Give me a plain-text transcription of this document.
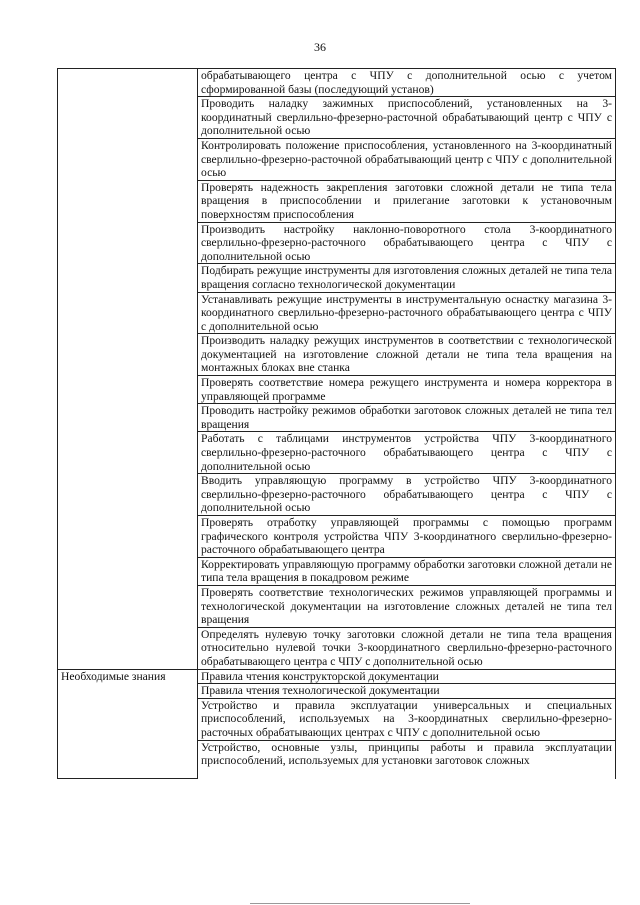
36
	обрабатывающего центра с ЧПУ с дополнительной осью с учетом сформированной базы (последующий установ)
	Проводить наладку зажимных приспособлений, установленных на 3-координатный сверлильно-фрезерно-расточной обрабатывающий центр с ЧПУ с дополнительной осью
	Контролировать положение приспособления, установленного на 3-координатный сверлильно-фрезерно-расточной обрабатывающий центр с ЧПУ с дополнительной осью
	Проверять надежность закрепления заготовки сложной детали не типа тела вращения в приспособлении и прилегание заготовки к установочным поверхностям приспособления
	Производить настройку наклонно-поворотного стола 3-координатного сверлильно-фрезерно-расточного обрабатывающего центра с ЧПУ с дополнительной осью
	Подбирать режущие инструменты для изготовления сложных деталей не типа тела вращения согласно технологической документации
	Устанавливать режущие инструменты в инструментальную оснастку магазина 3-координатного сверлильно-фрезерно-расточного обрабатывающего центра с ЧПУ с дополнительной осью
	Производить наладку режущих инструментов в соответствии с технологической документацией на изготовление сложной детали не типа тела вращения на монтажных блоках вне станка
	Проверять соответствие номера режущего инструмента и номера корректора в управляющей программе
	Проводить настройку режимов обработки заготовок сложных деталей не типа тел вращения
	Работать с таблицами инструментов устройства ЧПУ 3-координатного сверлильно-фрезерно-расточного обрабатывающего центра с ЧПУ с дополнительной осью
	Вводить управляющую программу в устройство ЧПУ 3-координатного сверлильно-фрезерно-расточного обрабатывающего центра с ЧПУ с дополнительной осью
	Проверять отработку управляющей программы с помощью программ графического контроля устройства ЧПУ 3-координатного сверлильно-фрезерно-расточного обрабатывающего центра
	Корректировать управляющую программу обработки заготовки сложной детали не типа тела вращения в покадровом режиме
	Проверять соответствие технологических режимов управляющей программы и технологической документации на изготовление сложных деталей не типа тел вращения
	Определять нулевую точку заготовки сложной детали не типа тела вращения относительно нулевой точки 3-координатного сверлильно-фрезерно-расточного обрабатывающего центра с ЧПУ с дополнительной осью
Необходимые знания	Правила чтения конструкторской документации
	Правила чтения технологической документации
	Устройство и правила эксплуатации универсальных и специальных приспособлений, используемых на 3-координатных сверлильно-фрезерно-расточных обрабатывающих центрах с ЧПУ с дополнительной осью
	Устройство, основные узлы, принципы работы и правила эксплуатации приспособлений, используемых для установки заготовок сложных
